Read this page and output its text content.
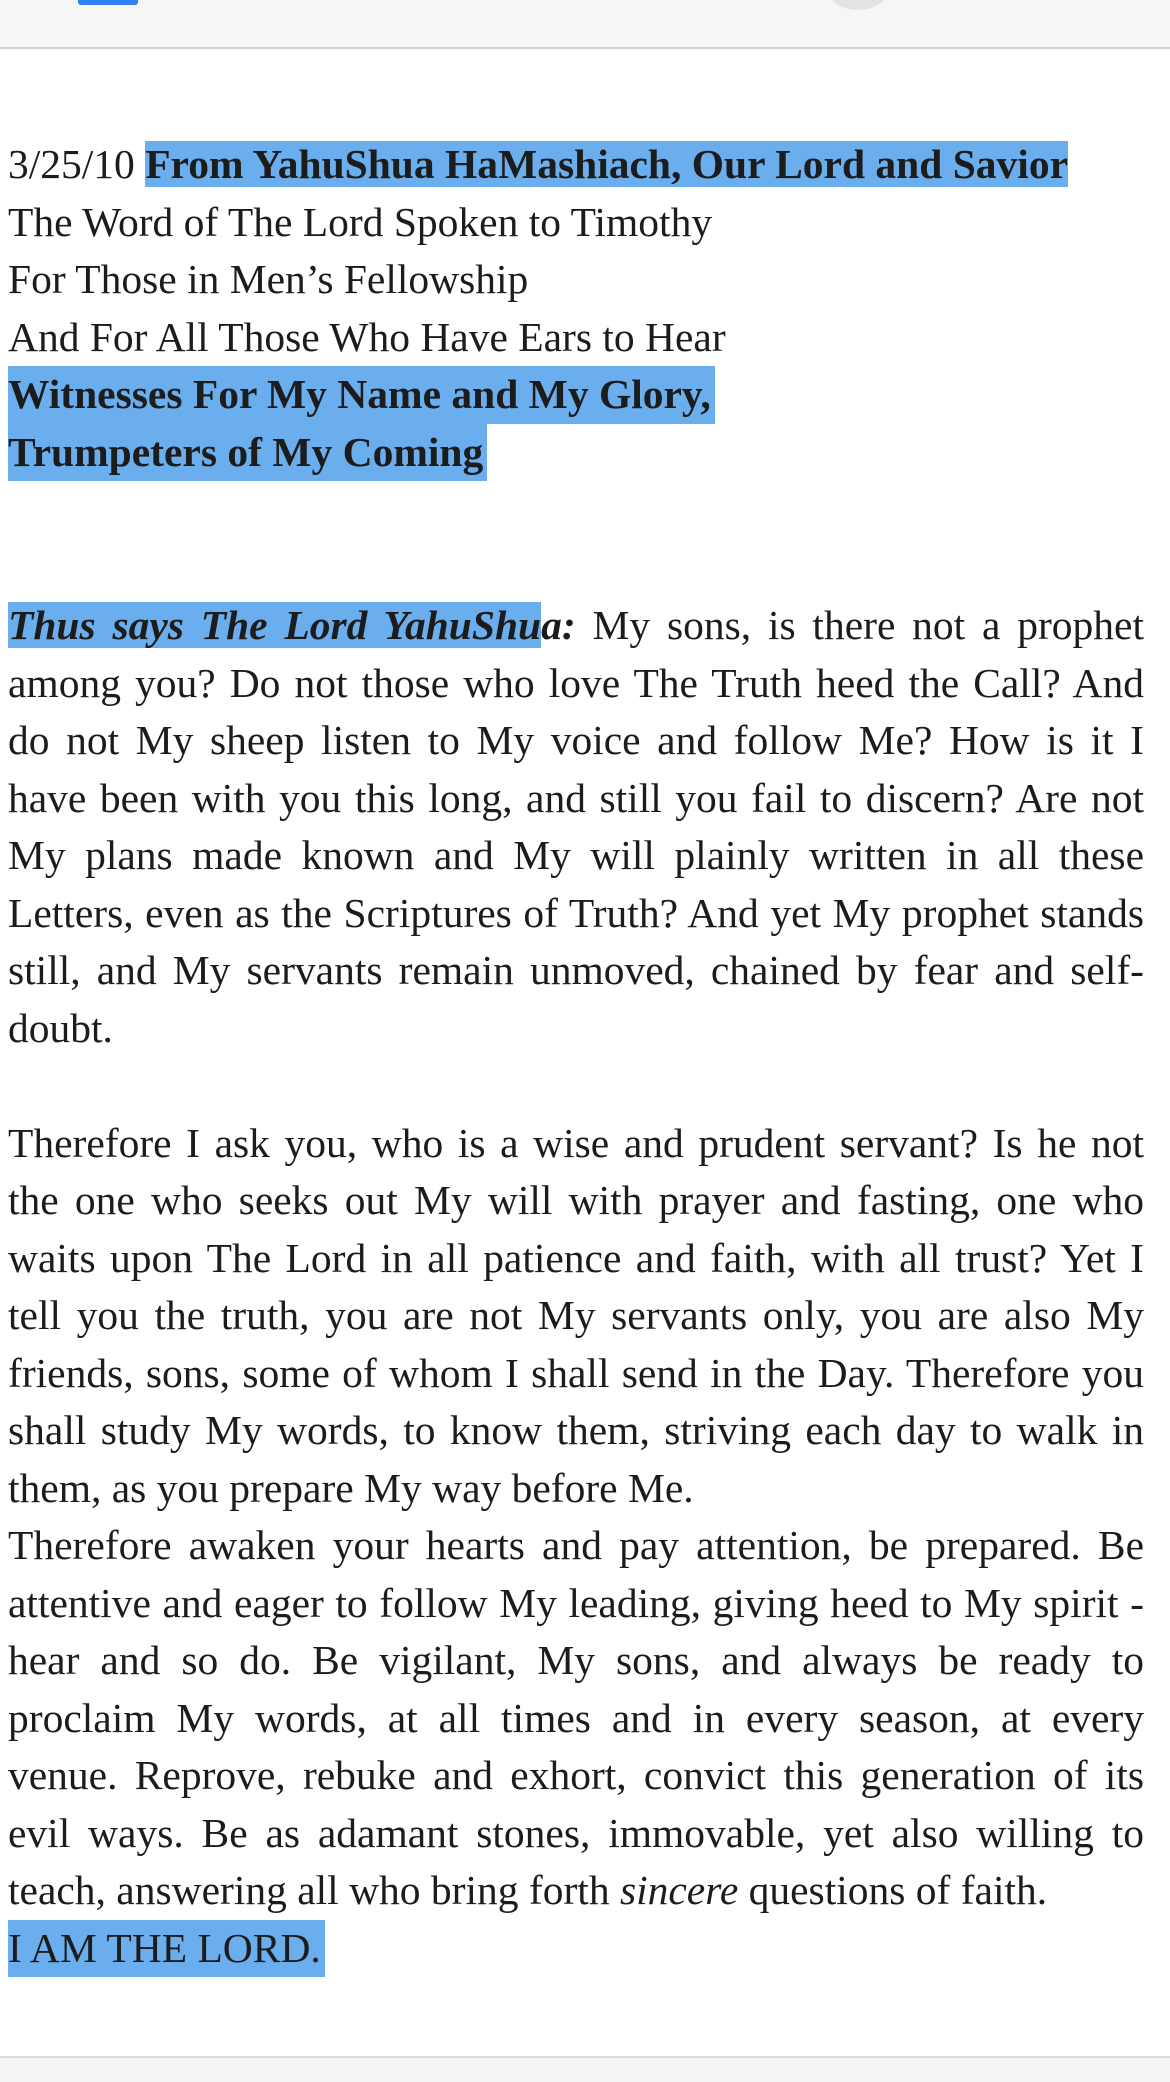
3/25/10 From YahuShua HaMashiach, Our Lord and Savior
The Word of The Lord Spoken to Timothy
For Those in Men’s Fellowship
And For All Those Who Have Ears to Hear
Witnesses For My Name and My Glory,
Trumpeters of My Coming
Thus says The Lord YahuShua: My sons, is there not a prophet among you? Do not those who love The Truth heed the Call? And do not My sheep listen to My voice and follow Me? How is it I have been with you this long, and still you fail to discern? Are not My plans made known and My will plainly written in all these Letters, even as the Scriptures of Truth? And yet My prophet stands still, and My servants remain unmoved, chained by fear and self-doubt.
Therefore I ask you, who is a wise and prudent servant? Is he not the one who seeks out My will with prayer and fasting, one who waits upon The Lord in all patience and faith, with all trust? Yet I tell you the truth, you are not My servants only, you are also My friends, sons, some of whom I shall send in the Day. Therefore you shall study My words, to know them, striving each day to walk in them, as you prepare My way before Me.
Therefore awaken your hearts and pay attention, be prepared. Be attentive and eager to follow My leading, giving heed to My spirit - hear and so do. Be vigilant, My sons, and always be ready to proclaim My words, at all times and in every season, at every venue. Reprove, rebuke and exhort, convict this generation of its evil ways. Be as adamant stones, immovable, yet also willing to teach, answering all who bring forth sincere questions of faith.
I AM THE LORD.
